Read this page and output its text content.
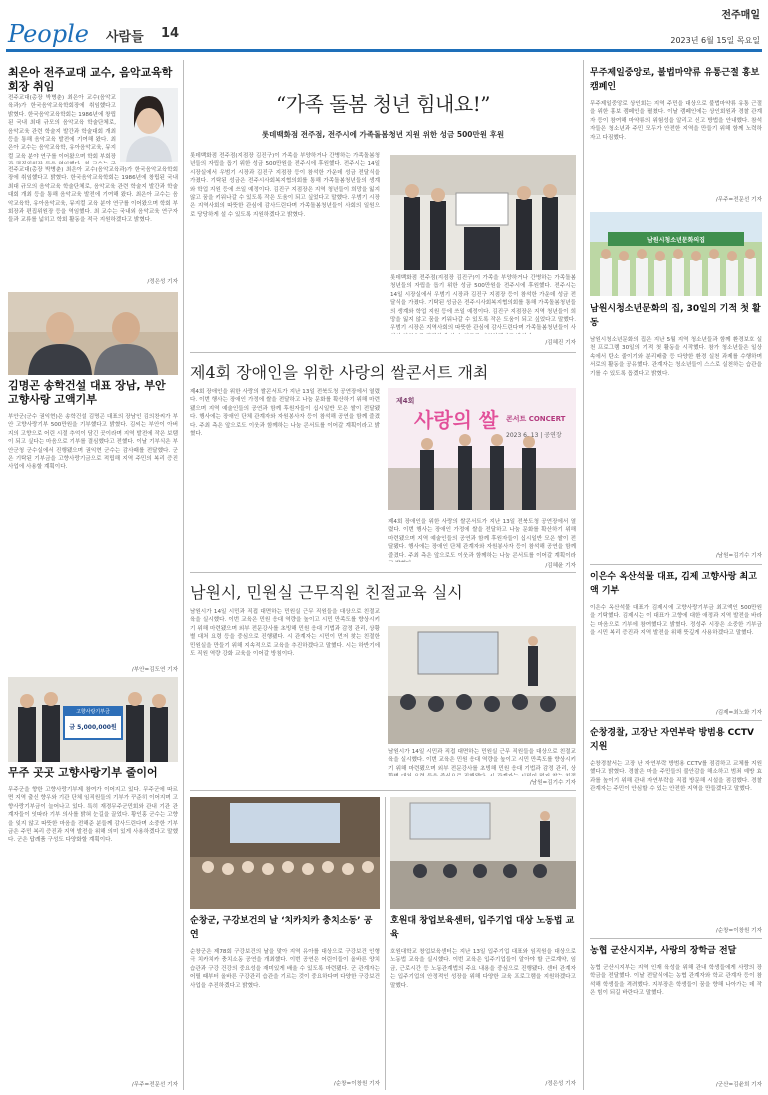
People 사람들 14
전주매일
2023년 6월 15일 목요일
최은아 전주교대 교수, 음악교육학회장 취임
전주교대(총장 박병춘) 최은아 교수(음악교육과)가 한국음악교육학회장에 취임했다고 밝혔다. 한국음악교육학회는 1986년에 창립된 국내 최대 규모의 음악교육 학술단체로, 음악교육 관련 학술지 발간과 학술대회 개최 등을 통해 음악교육 발전에 기여해 왔다. 최은아 교수는 음악교육학, 유아음악교육, 뮤지컬 교육 분야 연구를 이어왔으며 학회 부회장
전주교대(총장 박병춘) 최은아 교수(음악교육과)가 한국음악교육학회장에 취임했다고 밝혔다. 한국음악교육학회는 1986년에 창립된 국내 최대 규모의 음악교육 학술단체로, 음악교육 관련 학술지 발간과 학술대회 개최 등을 통해 음악교육 발전에 기여해 왔다. 최은아 교수는 음악교육학, 유아음악교육, 뮤지컬 교육 분야 연구를 이어왔으며 학회 부회장과 편집위원장 등을 역임했다. 최 교수는 국내외 음악교육 연구자들과 교류를 넓히고 학회 활동을 적극 지원하겠다고 밝혔다.
/정은성 기자
김명곤 송학건설 대표 장남, 부안 고향사랑 고액기부
부안군(군수 권익현)은 송학건설 김명곤 대표의 장남인 김의찬씨가 부안 고향사랑기부 500만원을 기부했다고 밝혔다. 김씨는 부안이 아버지의 고향으로 어린 시절 추억이 담긴 곳이라며 지역 발전에 작은 보탬이 되고 싶다는 마음으로 기부를 결심했다고 전했다. 이날 기부식은 부안군청 군수실에서 진행됐으며 권익현 군수는 감사패를 전달했다. 군은 기탁된 기부금을 고향사랑기금으로 적립해 지역 주민의 복리 증진 사업에 사용할 계획이다.
/부안=김도연 기자
고향사랑기부금
금 5,000,000원
무주 곳곳 고향사랑기부 줄이어
무주군을 향한 고향사랑기부제 참여가 이어지고 있다. 무주군에 따르면 지역 출신 향우와 기관 단체 임직원들의 기부가 꾸준히 이어지며 고향사랑기부금이 늘어나고 있다. 특히 재경무주군민회와 관내 기관 관계자들이 잇따라 기부 의사를 밝혀 눈길을 끌었다. 황인홍 군수는 고향을 잊지 않고 따뜻한 마음을 전해준 분들께 감사드린다며 소중한 기부금은 주민 복리 증진과 지역 발전을 위해 의미 있게 사용하겠다고 말했다. 군은 답례품 구성도 다양화할 계획이다.
/무주=전문선 기자
“가족 돌봄 청년 힘내요!”
롯데백화점 전주점, 전주시에 가족돌봄청년 지원 위한 성금 500만원 후원
롯데백화점 전주점(지점장 김진구)이 가족을 부양하거나 간병하는 가족돌봄청년들의 자립을 돕기 위한 성금 500만원을 전주시에 후원했다. 전주시는 14일 시장실에서 우범기 시장과 김진구 지점장 등이 참석한 가운데 성금 전달식을 가졌다. 기탁된 성금은 전주시사회복지협의회를 통해 가족돌봄청년들의 생계와 학업 지원 등에 쓰일 예정이다. 김진구 지점장은 지역 청년들이 희망을 잃지 않고 꿈을 키워나갈 수 있도록 작은 도움이 되고 싶었다고 말했다. 우범기 시장은 지역사회의 따뜻한 관심에 감사드린다며 가족돌봄청년들이 사회의 일원으로 당당하게 설 수 있도록 지원하겠다고 밝혔다.
롯데백화점 전주점(지점장 김진구)이 가족을 부양하거나 간병하는 가족돌봄청년들의 자립을 돕기 위한 성금 500만원을 전주시에 후원했다. 전주시는 14일 시장실에서 우범기 시장과 김진구 지점장 등이 참석한 가운데 성금 전달식을 가졌다. 기탁된 성금은 전주시사회복지협의회를 통해 가족돌봄청년들의 생계와 학업 지원 등에 쓰일 예정이다. 김진구 지점장은 지역 청년들이 희망을 잃지 않고 꿈을 키워나갈 수 있도록 작은 도움이 되고 싶었다고 말했다. 우범기 시장은 지역사회의 따뜻한 관심에 감사드린다며 가족돌봄청년들이 사
/김혜진 기자
제4회 장애인을 위한 사랑의 쌀콘서트 개최
제4회 장애인을 위한 사랑의 쌀콘서트가 지난 13일 전북도청 공연장에서 열렸다. 이번 행사는 장애인 가정에 쌀을 전달하고 나눔 문화를 확산하기 위해 마련됐으며 지역 예술인들의 공연과 함께 후원자들이 십시일반 모은 쌀이 전달됐다. 행사에는 장애인 단체 관계자와 자원봉사자 등이 참석해 공연을 함께 즐겼다. 주최 측은 앞으로도 이웃과 함께하는 나눔 콘서트를 이어갈 계획이라고 밝혔다.
제4회 장애인을 위한 사랑의 쌀콘서트가 지난 13일 전북도청 공연장에서 열렸다. 이번 행사는 장애인 가정에 쌀을 전달하고 나눔 문화를 확산하기 위해 마련됐으며 지역 예술인들의 공연과 함께 후원자들이 십시일반 모은 쌀이 전달됐다. 행사에는 장애인 단체 관계자와 자원봉사자 등이 참석해 공연을 함께 즐겼다. 주최 측은 앞으로도 이웃과 함께하는 나눔 콘서트를 이어갈 계획이라
/김혜윤 기자
제4회
사랑의 쌀 콘서트 CONCERT
2023 6. 13 | 공연장
남원시, 민원실 근무직원 친절교육 실시
남원시가 14일 시민과 직접 대면하는 민원실 근무 직원들을 대상으로 친절교육을 실시했다. 이번 교육은 민원 응대 역량을 높이고 시민 만족도를 향상시키기 위해 마련됐으며 외부 전문강사를 초빙해 민원 응대 기법과 감정 관리, 상황별 대처 요령 등을 중심으로 진행됐다. 시 관계자는 시민이 먼저 찾는 친절한 민원실을 만들기 위해 지속적으로 교육을 추진하겠다고 말했다. 시는 하반기에도 직원 역량 강화 교육을 이어갈 방침이다.
남원시가 14일 시민과 직접 대면하는 민원실 근무 직원들을 대상으로 친절교육을 실시했다. 이번 교육은 민원 응대 역량을 높이고 시민 만족도를 향상시키기 위해 마련됐으며 외부 전문강사를 초빙해 민원 응대 기법과 감정 관리, 상
/남원=김기수 기자
순창군, 구강보건의 날 ‘치카치카 충치소동’ 공연
순창군은 제78회 구강보건의 날을 맞아 지역 유아를 대상으로 구강보건 인형극 치카치카 충치소동 공연을 개최했다. 이번 공연은 어린이들이 올바른 양치 습관과 구강 건강의 중요성을 재미있게 배울 수 있도록 마련됐다. 군 관계자는 어릴 때부터 올바른 구강관리 습관을 기르는 것이 중요하다며 다양한 구강보건 사업을 추진하겠다고 밝혔다.
/순창=이창원 기자
호원대 창업보육센터, 입주기업 대상 노동법 교육
호원대학교 창업보육센터는 지난 13일 입주기업 대표와 임직원을 대상으로 노동법 교육을 실시했다. 이번 교육은 입주기업들이 알아야 할 근로계약, 임금, 근로시간 등 노동관계법의 주요 내용을 중심으로 진행됐다. 센터 관계자는 입주기업의 안정적인 성장을 위해 다양한 교육 프로그램을 지원하겠다고 말했다.
/정은성 기자
무주제일중앙로, 불법마약류 유통근절 홍보 캠페인
무주제일중앙로 상인회는 지역 주민을 대상으로 불법마약류 유통 근절을 위한 홍보 캠페인을 펼쳤다. 이날 캠페인에는 상인회원과 경찰 관계자 등이 참여해 마약류의 위험성을 알리고 신고 방법을 안내했다. 참석자들은 청소년과 주민 모두가 안전한 지역을 만들기 위해 함께 노력하자고 다짐했다.
/무주=전문선 기자
남원시청소년문화의집
남원시청소년문화의 집, 30일의 기적 첫 활동
남원시청소년문화의 집은 지난 5월 지역 청소년들과 함께 환경보호 실천 프로그램 30일의 기적 첫 활동을 시작했다. 참가 청소년들은 일상 속에서 탄소 줄이기와 분리배출 등 다양한 환경 실천 과제를 수행하며 서로의 활동을 공유했다. 관계자는 청소년들이 스스로 실천하는 습관을 기를 수 있도록 돕겠다고 밝혔다.
/남원=김기수 기자
이은수 옥산석물 대표, 김제 고향사랑 최고액 기부
이은수 옥산석물 대표가 김제시에 고향사랑기부금 최고액인 500만원을 기탁했다. 김제시는 이 대표가 고향에 대한 애정과 지역 발전을 바라는 마음으로 기부에 참여했다고 밝혔다. 정성주 시장은 소중한 기부금을 시민 복리 증진과 지역 발전을 위해 뜻깊게 사용하겠다고 말했다.
/김제=최노화 기자
순창경찰, 고장난 자연부락 방범용 CCTV 지원
순창경찰서는 고장 난 자연부락 방범용 CCTV를 점검하고 교체를 지원했다고 밝혔다. 경찰은 마을 주민들의 불안감을 해소하고 범죄 예방 효과를 높이기 위해 관내 자연부락을 직접 방문해 시설을 점검했다. 경찰 관계자는 주민이 안심할 수 있는 안전한 지역을 만들겠다고 말했다.
/순창=이창원 기자
농협 군산시지부, 사랑의 장학금 전달
농협 군산시지부는 지역 인재 육성을 위해 관내 학생들에게 사랑의 장학금을 전달했다. 이날 전달식에는 농협 관계자와 학교 관계자 등이 참석해 학생들을 격려했다. 지부장은 학생들이 꿈을 향해 나아가는 데 작은 힘이 되길 바란다고 말했다.
/군산=김윤희 기자
